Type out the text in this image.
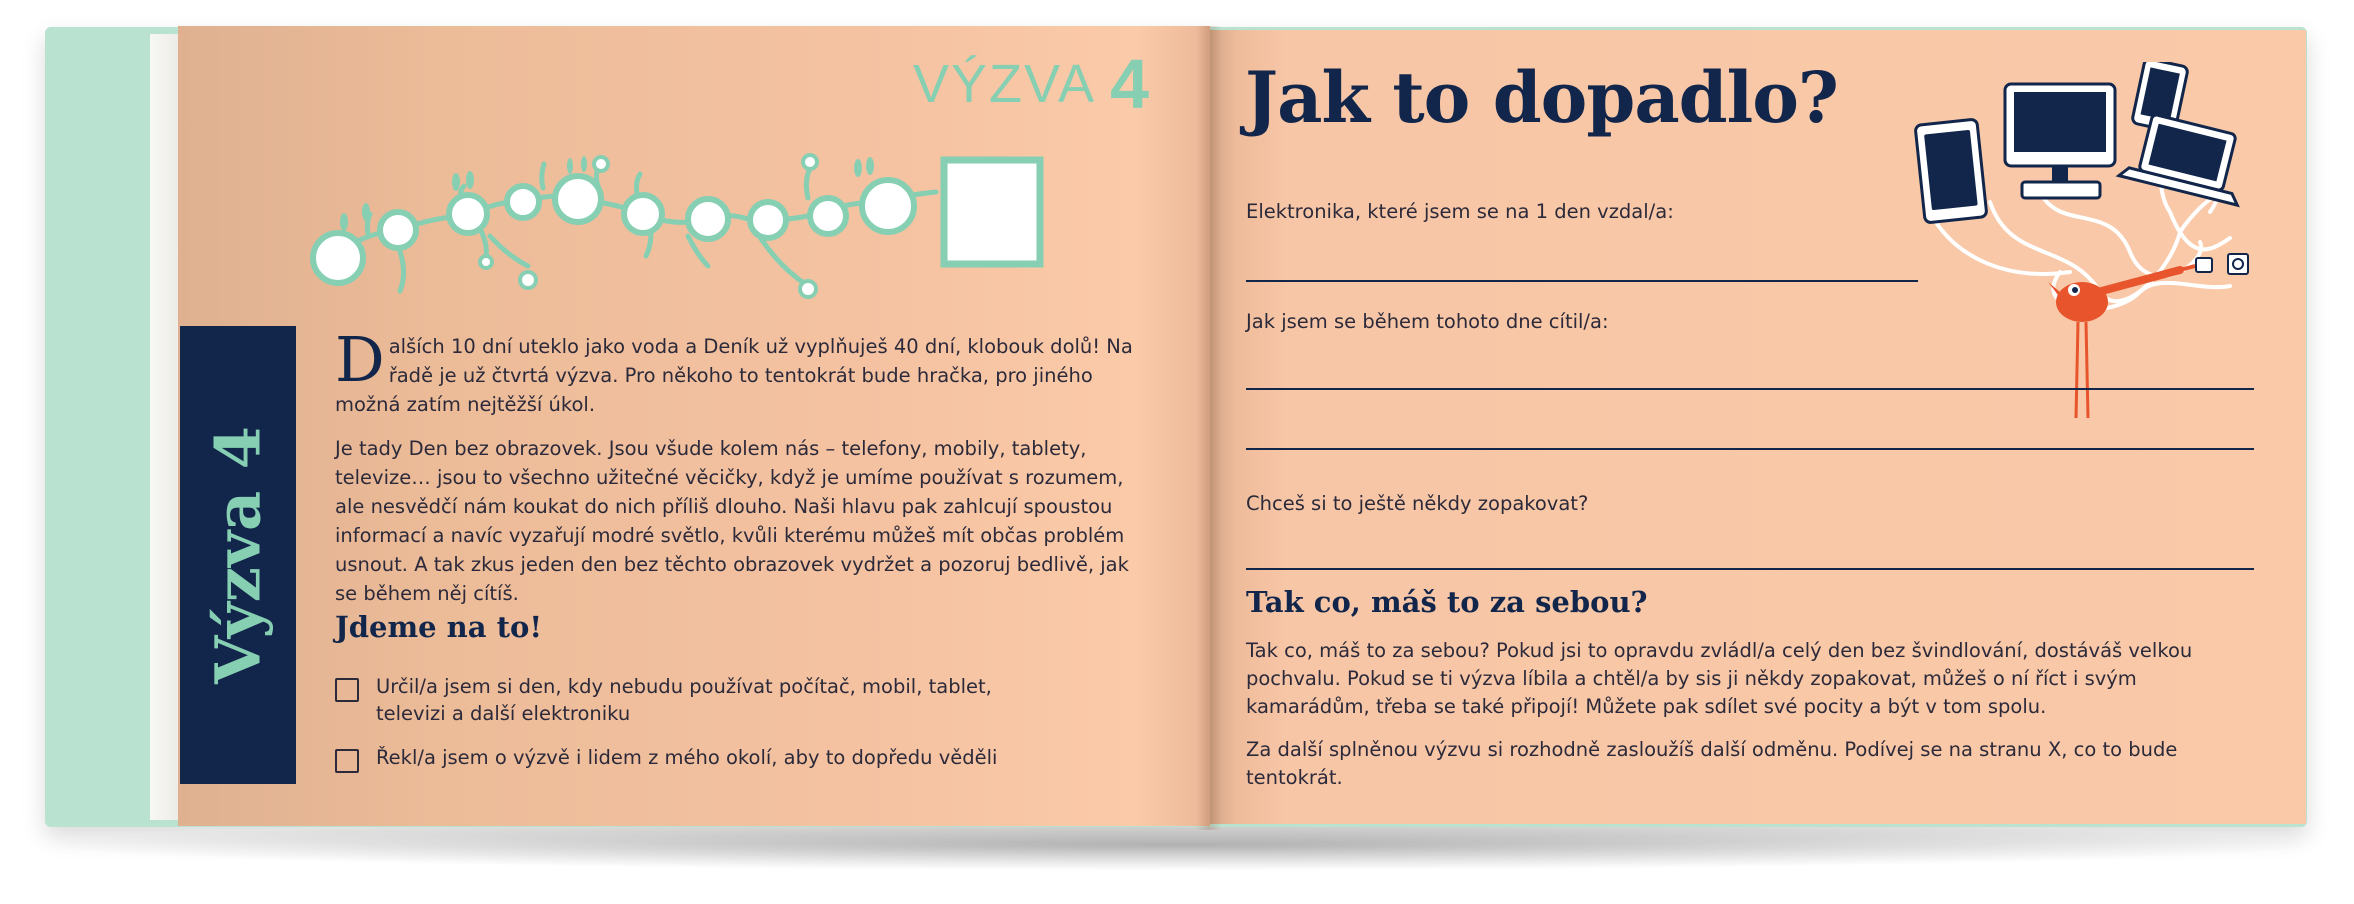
VÝZVA 4
Výzva 4
D alších 10 dní uteklo jako voda a Deník už vyplňuješ 40 dní, klobouk dolů! Na řadě je už čtvrtá výzva. Pro někoho to tentokrát bude hračka, pro jiného možná zatím nejtěžší úkol.
Je tady Den bez obrazovek. Jsou všude kolem nás – telefony, mobily, tablety, televize… jsou to všechno užitečné věcičky, když je umíme používat s rozumem, ale nesvědčí nám koukat do nich příliš dlouho. Naši hlavu pak zahlcují spoustou informací a navíc vyzařují modré světlo, kvůli kterému můžeš mít občas problém usnout. A tak zkus jeden den bez těchto obrazovek vydržet a pozoruj bedlivě, jak se během něj cítíš.
Jdeme na to!
Určil/a jsem si den, kdy nebudu používat počítač, mobil, tablet, televizi a další elektroniku
Řekl/a jsem o výzvě i lidem z mého okolí, aby to dopředu věděli
Jak to dopadlo?
Elektronika, které jsem se na 1 den vzdal/a:
Jak jsem se během tohoto dne cítil/a:
Chceš si to ještě někdy zopakovat?
Tak co, máš to za sebou?
Tak co, máš to za sebou? Pokud jsi to opravdu zvládl/a celý den bez švindlování, dostáváš velkou pochvalu. Pokud se ti výzva líbila a chtěl/a by sis ji někdy zopakovat, můžeš o ní říct i svým kamarádům, třeba se také připojí! Můžete pak sdílet své pocity a být v tom spolu.
Za další splněnou výzvu si rozhodně zasloužíš další odměnu. Podívej se na stranu X, co to bude tentokrát.
